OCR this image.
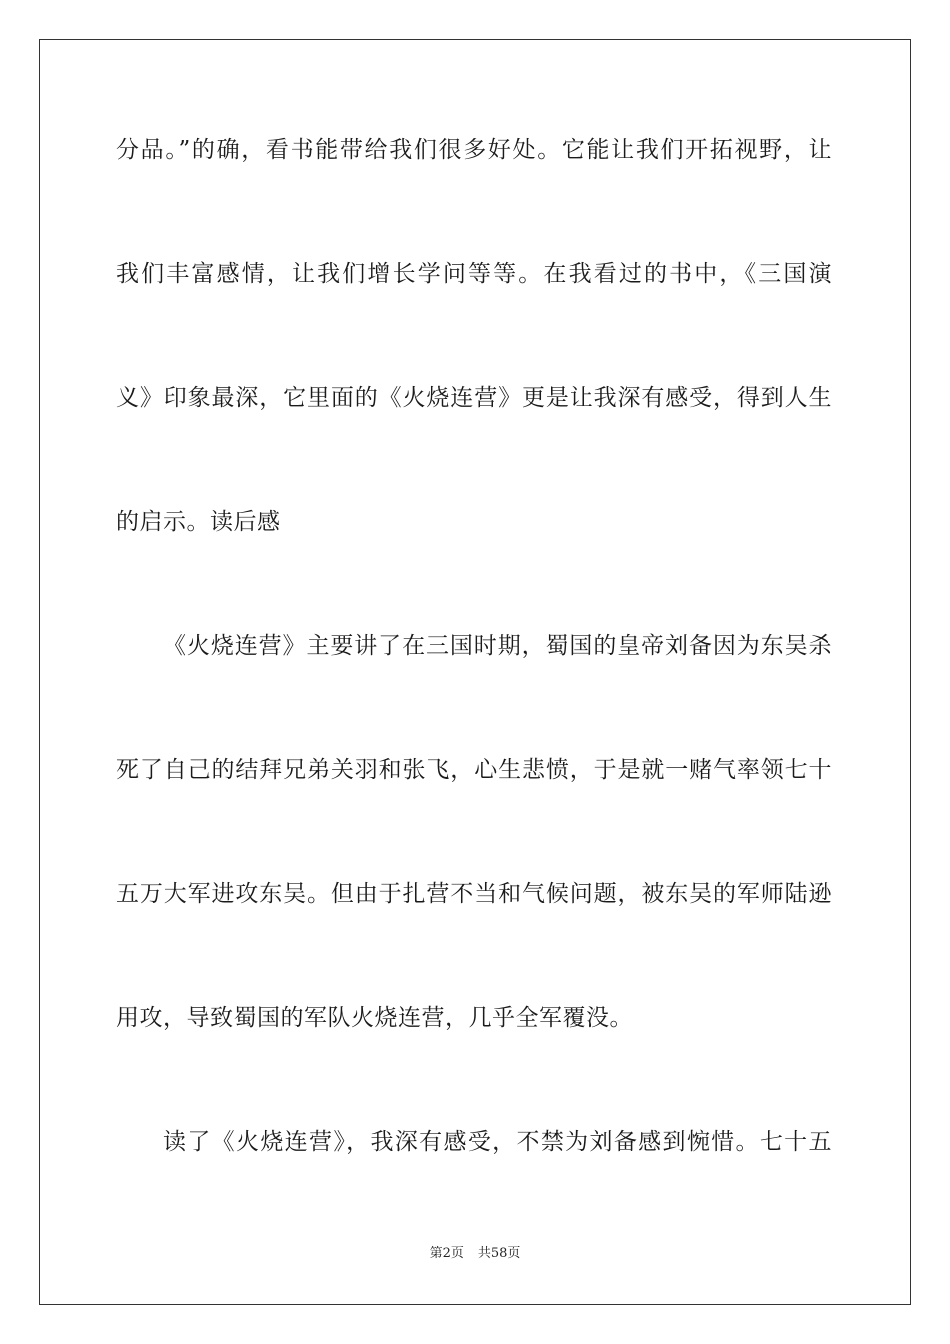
分品。”的确，看书能带给我们很多好处。它能让我们开拓视野，让
我们丰富感情，让我们增长学问等等。在我看过的书中，《三国演
义》印象最深，它里面的《火烧连营》更是让我深有感受，得到人生
的启示。读后感
《火烧连营》主要讲了在三国时期，蜀国的皇帝刘备因为东吴杀
死了自己的结拜兄弟关羽和张飞，心生悲愤，于是就一赌气率领七十
五万大军进攻东吴。但由于扎营不当和气候问题，被东吴的军师陆逊
用攻，导致蜀国的军队火烧连营，几乎全军覆没。
读了《火烧连营》，我深有感受，不禁为刘备感到惋惜。七十五
第2页 共58页
